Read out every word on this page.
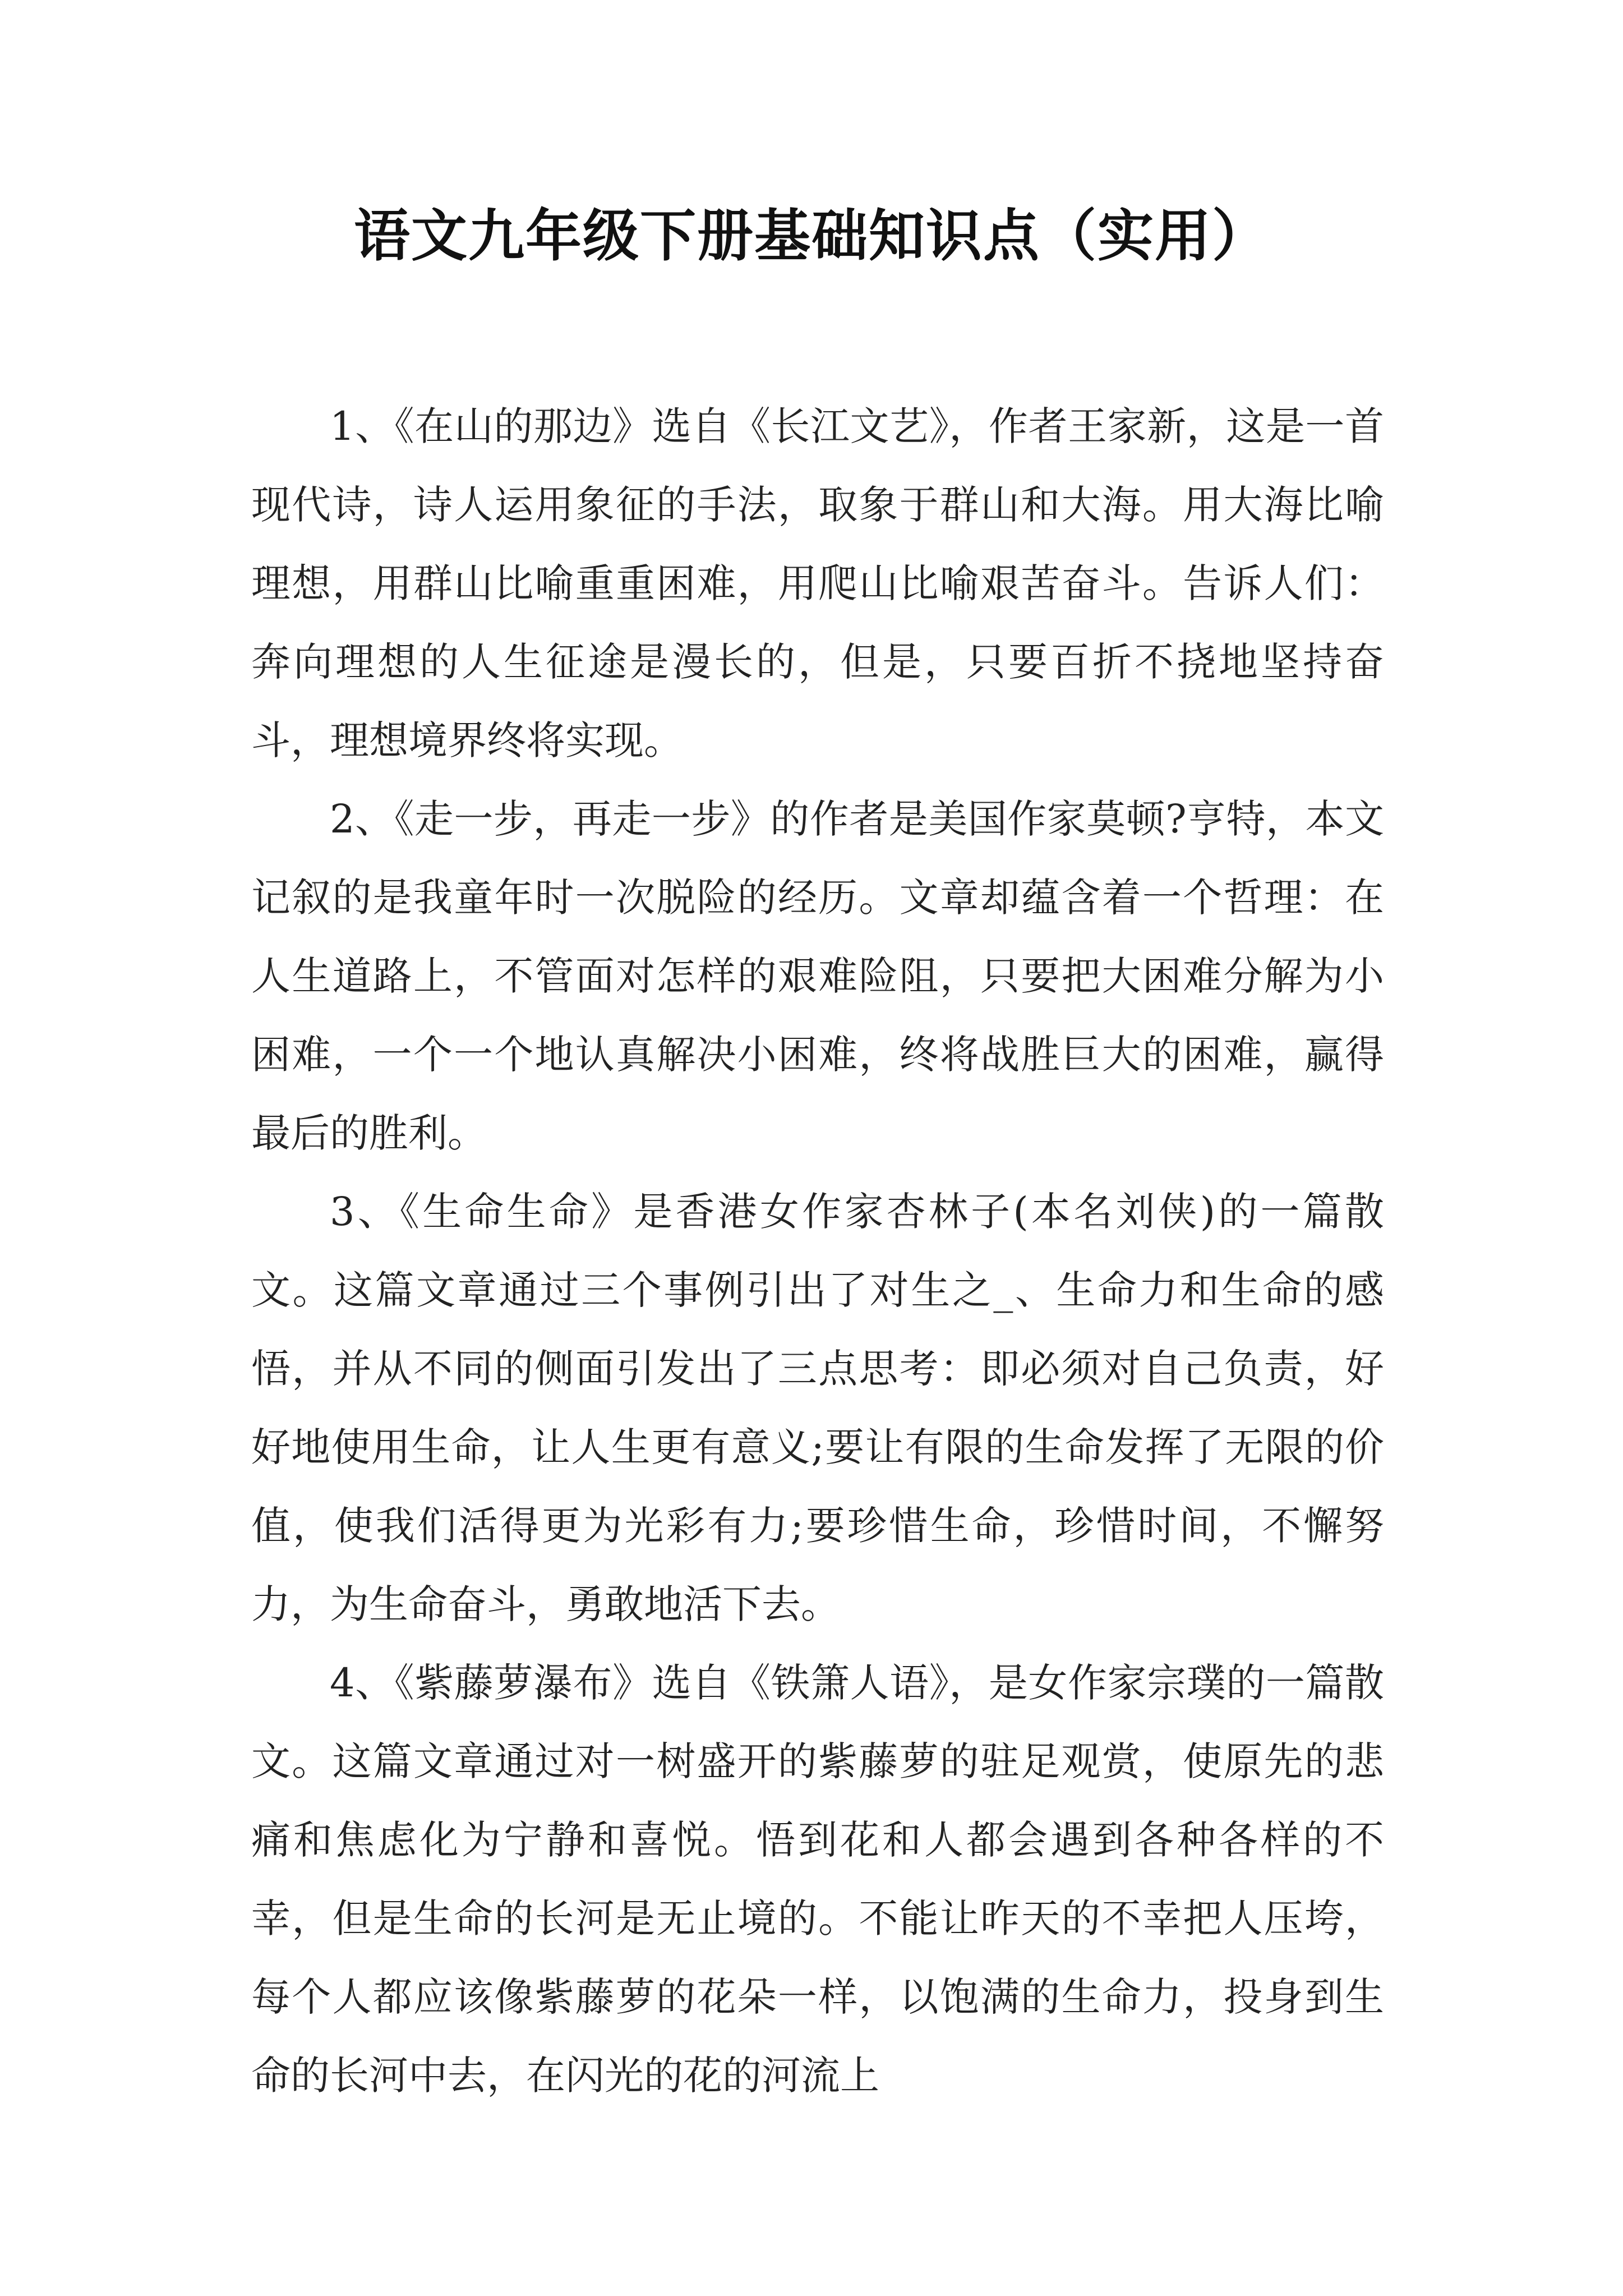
语文九年级下册基础知识点（实用）

1、《在山的那边》选自《长江文艺》，作者王家新，这是一首现代诗，诗人运用象征的手法，取象于群山和大海。用大海比喻理想，用群山比喻重重困难，用爬山比喻艰苦奋斗。告诉人们：奔向理想的人生征途是漫长的，但是，只要百折不挠地坚持奋斗，理想境界终将实现。

2、《走一步，再走一步》的作者是美国作家莫顿?亨特，本文记叙的是我童年时一次脱险的经历。文章却蕴含着一个哲理：在人生道路上，不管面对怎样的艰难险阻，只要把大困难分解为小困难，一个一个地认真解决小困难，终将战胜巨大的困难，赢得最后的胜利。

3、《生命生命》是香港女作家杏林子(本名刘侠)的一篇散文。这篇文章通过三个事例引出了对生之_、生命力和生命的感悟，并从不同的侧面引发出了三点思考：即必须对自己负责，好好地使用生命，让人生更有意义;要让有限的生命发挥了无限的价值，使我们活得更为光彩有力;要珍惜生命，珍惜时间，不懈努力，为生命奋斗，勇敢地活下去。

4、《紫藤萝瀑布》选自《铁箫人语》，是女作家宗璞的一篇散文。这篇文章通过对一树盛开的紫藤萝的驻足观赏，使原先的悲痛和焦虑化为宁静和喜悦。悟到花和人都会遇到各种各样的不幸，但是生命的长河是无止境的。不能让昨天的不幸把人压垮，每个人都应该像紫藤萝的花朵一样，以饱满的生命力，投身到生命的长河中去，在闪光的花的河流上
